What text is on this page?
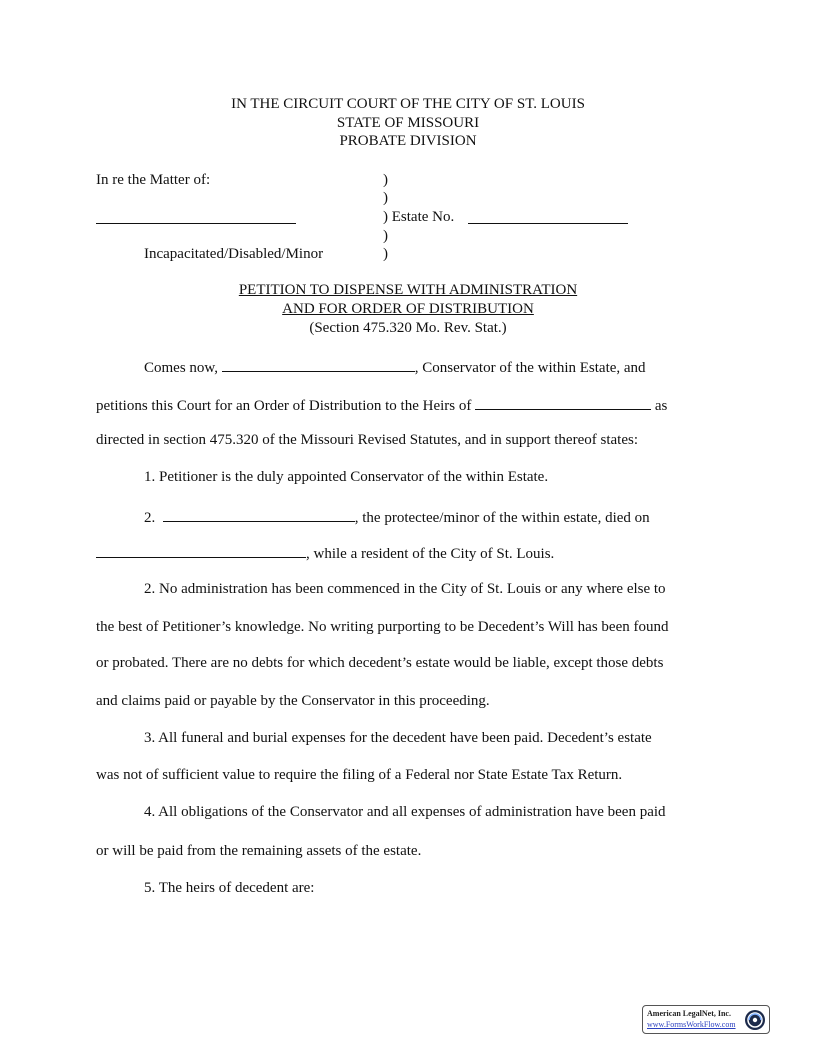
IN THE CIRCUIT COURT OF THE CITY OF ST. LOUIS
STATE OF MISSOURI
PROBATE DIVISION
In re the Matter of:	)
)
) Estate No.
)
Incapacitated/Disabled/Minor	)
PETITION TO DISPENSE WITH ADMINISTRATION
AND FOR ORDER OF DISTRIBUTION
(Section 475.320 Mo. Rev. Stat.)
Comes now,	, Conservator of the within Estate, and
petitions this Court for an Order of Distribution to the Heirs of	as
directed in section 475.320 of the Missouri Revised Statutes, and in support thereof states:
1. Petitioner is the duly appointed Conservator of the within Estate.
2.	, the protectee/minor of the within estate, died on
, while a resident of the City of St. Louis.
2. No administration has been commenced in the City of St. Louis or any where else to
the best of Petitioner’s knowledge. No writing purporting to be Decedent’s Will has been found
or probated. There are no debts for which decedent’s estate would be liable, except those debts
and claims paid or payable by the Conservator in this proceeding.
3. All funeral and burial expenses for the decedent have been paid. Decedent’s estate
was not of sufficient value to require the filing of a Federal nor State Estate Tax Return.
4. All obligations of the Conservator and all expenses of administration have been paid
or will be paid from the remaining assets of the estate.
5. The heirs of decedent are:
American LegalNet, Inc.
www.FormsWorkFlow.com
